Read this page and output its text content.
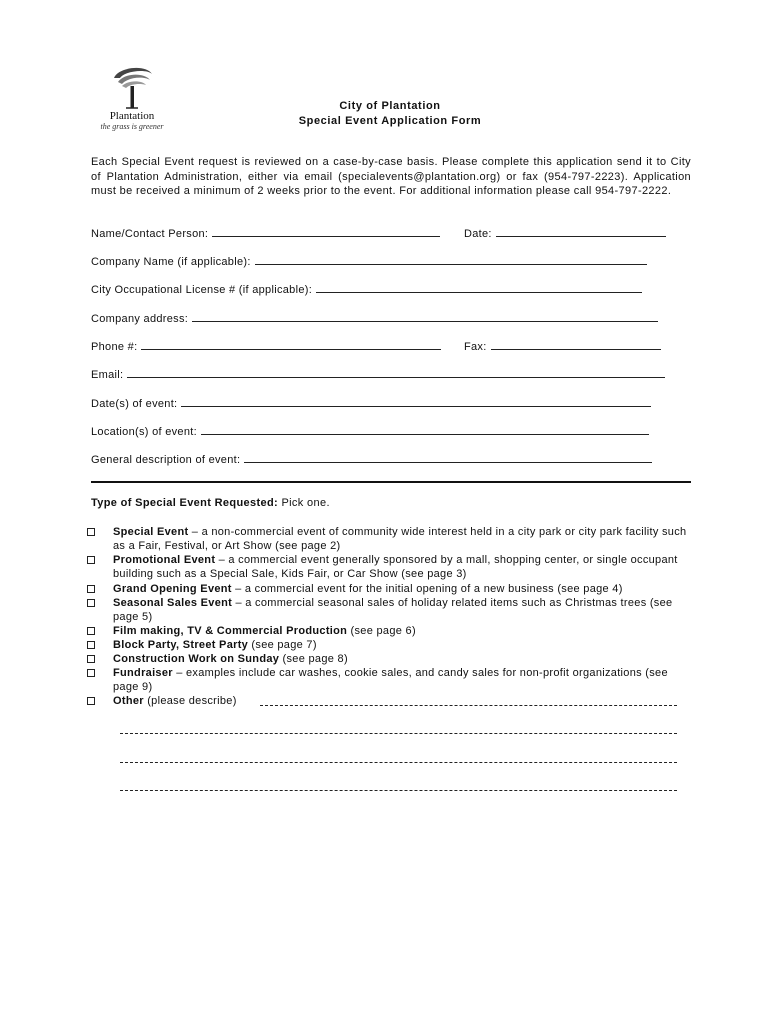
Plantation
the grass is greener
City of Plantation
Special Event Application Form

Each Special Event request is reviewed on a case-by-case basis. Please complete this application send it to City of Plantation Administration, either via email (specialevents@plantation.org) or fax (954-797-2223). Application must be received a minimum of 2 weeks prior to the event. For additional information please call 954-797-2222.

Name/Contact Person:	Date:
Company Name (if applicable):
City Occupational License # (if applicable):
Company address:
Phone #:	Fax:
Email:
Date(s) of event:
Location(s) of event:
General description of event:
Type of Special Event Requested: Pick one.
Special Event – a non-commercial event of community wide interest held in a city park or city park facility such as a Fair, Festival, or Art Show (see page 2)
Promotional Event – a commercial event generally sponsored by a mall, shopping center, or single occupant building such as a Special Sale, Kids Fair, or Car Show (see page 3)
Grand Opening Event – a commercial event for the initial opening of a new business (see page 4)
Seasonal Sales Event – a commercial seasonal sales of holiday related items such as Christmas trees (see page 5)
Film making, TV & Commercial Production (see page 6)
Block Party, Street Party (see page 7)
Construction Work on Sunday (see page 8)
Fundraiser – examples include car washes, cookie sales, and candy sales for non-profit organizations (see page 9)
Other (please describe)
